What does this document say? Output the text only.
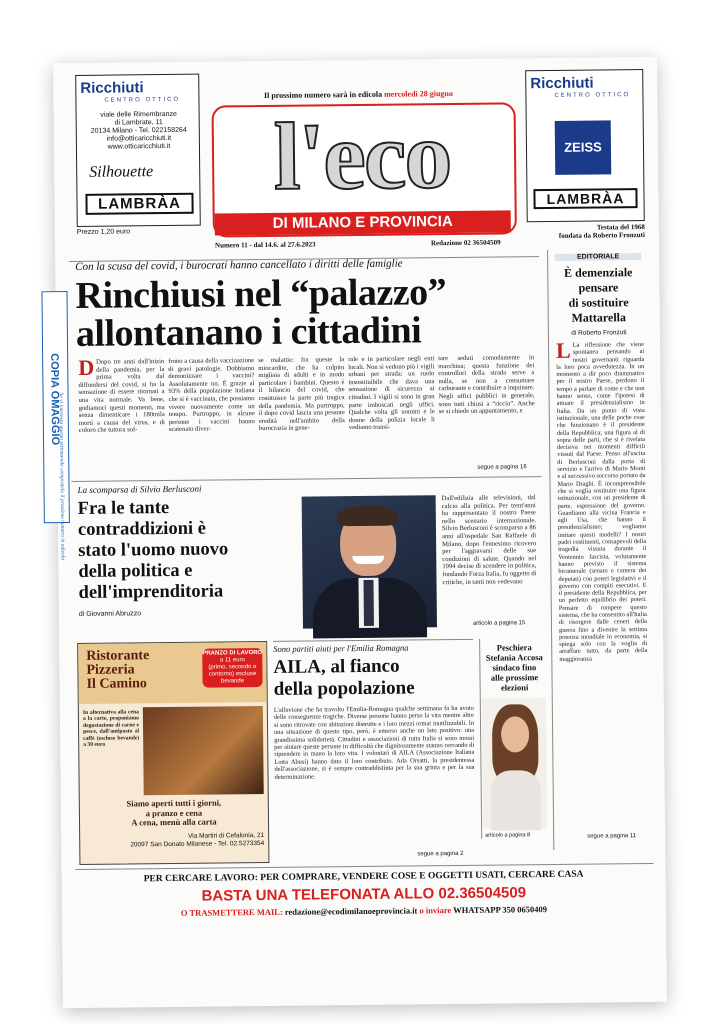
Ricchiuti
CENTRO OTTICO
viale delle Rimembranze
di Lambrate, 11
20134 Milano - Tel. 022158264
info@otticaricchiuti.it
www.otticaricchiuti.it
Silhouette
LAMBRÀA
Prezzo 1,20 euro
Il prossimo numero sarà in edicola mercoledì 28 giugno
l'eco
DI MILANO E PROVINCIA
Numero 11 - dal 14.6. al 27.6.2023	Redazione 02 36504509
Ricchiuti
CENTRO OTTICO
ZEISS
LAMBRÀA
Testata del 1968
fondata da Roberto Fronzuti
COPIA OMAGGIO
Se vi interessa questo settimanale compratelo il prossimo numero in edicola
Con la scusa del covid, i burocrati hanno cancellato i diritti delle famiglie
Rinchiusi nel “palazzo”
allontanano i cittadini
D Dopo tre anni dall'inizio della pandemia, per la prima volta dal diffondersi del covid, si ha la sensazione di essere ritornati a una vita normale. Va bene, godiamoci questi momenti, ma senza dimenticare i 180mila morti a causa del virus, e di coloro che tuttora sof-
frono a causa della vaccinazione di gravi patologie. Dobbiamo demonizzare i vaccini? Assolutamente no. È grazie al 93% della popolazione italiana che si è vaccinata, che possiamo vivere nuovamente come un tempo. Purtroppo, in alcune persone i vaccini hanno scatenato diver-
se malattie: fra queste la miocardite, che ha colpito migliaia di adulti e in modo particolare i bambini. Questo è il bilancio del covid, che costituisce la parte più tragica della pandemia. Ma purtroppo, il dopo covid lascia una pesante eredità nell'ambito della burocrazia in gene-
rale e in particolare negli enti locali. Non si vedono più i vigili urbani per strada: un ruolo insostituibile che dava una sensazione di sicurezza ai cittadini. I vigili si sono in gran parte imboscati negli uffici. Qualche volta gli uomini e le donne della polizia locale li vediamo transi-
tare seduti comodamente in macchina; questa funzione dei controllori della strada serve a nulla, se non a consumare carburante e contribuire a inquinare. Negli uffici pubblici in generale, sono tutti chiusi a “riccio”. Anche se si chiede un appuntamento, e
segue a pagina 16
La scomparsa di Silvio Berlusconi
Fra le tante
contraddizioni è
stato l'uomo nuovo
della politica e
dell'imprenditoria
di Giovanni Abruzzo
Dall'edilizia alle televisioni, dal calcio alla politica. Per trent'anni ha rappresentato il nostro Paese nello scenario internazionale. Silvio Berlusconi è scomparso a 86 anni all'ospedale San Raffaele di Milano, dopo l'ennesimo ricovero per l'aggravarsi delle sue condizioni di salute. Quando nel 1994 decise di scendere in politica, fondando Forza Italia, fu oggetto di critiche, in tanti non vedevano
articolo a pagina 15
EDITORIALE
È demenziale
pensare
di sostituire
Mattarella
di Roberto Fronzuti
L La riflessione che viene spontanea pensando ai nostri governanti riguarda la loro poca avvedutezza. In un momento a dir poco drammatico per il nostro Paese, perdono il tempo a parlare di come e che non hanno senso, come l'ipotesi di attuare il presidenzialismo in Italia. Da un punto di vista istituzionale, una delle poche cose che funzionano è il presidente della Repubblica; una figura al di sopra delle parti, che si è rivelata decisiva nei momenti difficili vissuti dal Paese. Penso all'uscita di Berlusconi dalla porta di servizio e l'arrivo di Mario Monti e al successivo soccorso portato da Mario Draghi. È incomprensibile che si voglia sostituire una figura istituzionale, con un presidente di parte, espressione del governo. Guardiamo alla vicina Francia e agli Usa, che hanno il presidenzialismo; vogliamo imitare questi modelli? I nostri padri costituenti, consapevoli della tragedia vissuta durante il Ventennio fascista, volutamente hanno previsto il sistema bicamerale (senato e camera dei deputati) con poteri legislativi e il governo con compiti esecutivi. E il presidente della Repubblica, per un perfetto equilibrio dei poteri. Pensare di rompere questo sistema, che ha consentito all'Italia di risorgere dalle ceneri della guerra fino a divenire la settima potenza mondiale in economia, si spiega solo con la voglia di arraffare tutto, da parte della maggioranza
segue a pagina 11
Ristorante
Pizzeria
Il Camino
PRANZO DI LAVORO
a 11 euro
(primo, secondo e contorno) escluse bevande
In alternativa alla cena a la carte, proponiamo degustazione di carne e pesce, dall'antipasto al caffè (escluse bevande) a 30 euro
Siamo aperti tutti i giorni,
a pranzo e cena
A cena, menù alla carta
Via Martiri di Cefalonia, 21
20097 San Donato Milanese - Tel. 02.5273354
Sono partiti aiuti per l'Emilia Romagna
AILA, al fianco
della popolazione
L'alluvione che ha travolto l'Emilia-Romagna qualche settimana fa ha avuto delle conseguenze tragiche. Diverse persone hanno perso la vita mentre altre si sono ritrovate con abitazioni distrutte e i loro mezzi ormai inutilizzabili. In una situazione di questo tipo, però, è emerso anche un lato positivo: una grandissima solidarietà. Cittadini e associazioni di tutta Italia si sono mossi per aiutare queste persone in difficoltà che dignitosamente stanno cercando di riprendere in mano la loro vita. I volontari di AILA (Associazione Italiana Lotta Abusi) hanno dato il loro contributo. Ada Orsatti, la presidentessa dell'associazione, si è sempre contraddistinta per la sua grinta e per la sua determinazione.
segue a pagina 2
Peschiera
Stefania Accosa
sindaco fino
alle prossime
elezioni
articolo a pagina 8
PER CERCARE LAVORO: PER COMPRARE, VENDERE COSE E OGGETTI USATI, CERCARE CASA
BASTA UNA TELEFONATA ALLO 02.36504509
O TRASMETTERE MAIL: redazione@ecodimilanoeprovincia.it o inviare WHATSAPP 350 0650409
